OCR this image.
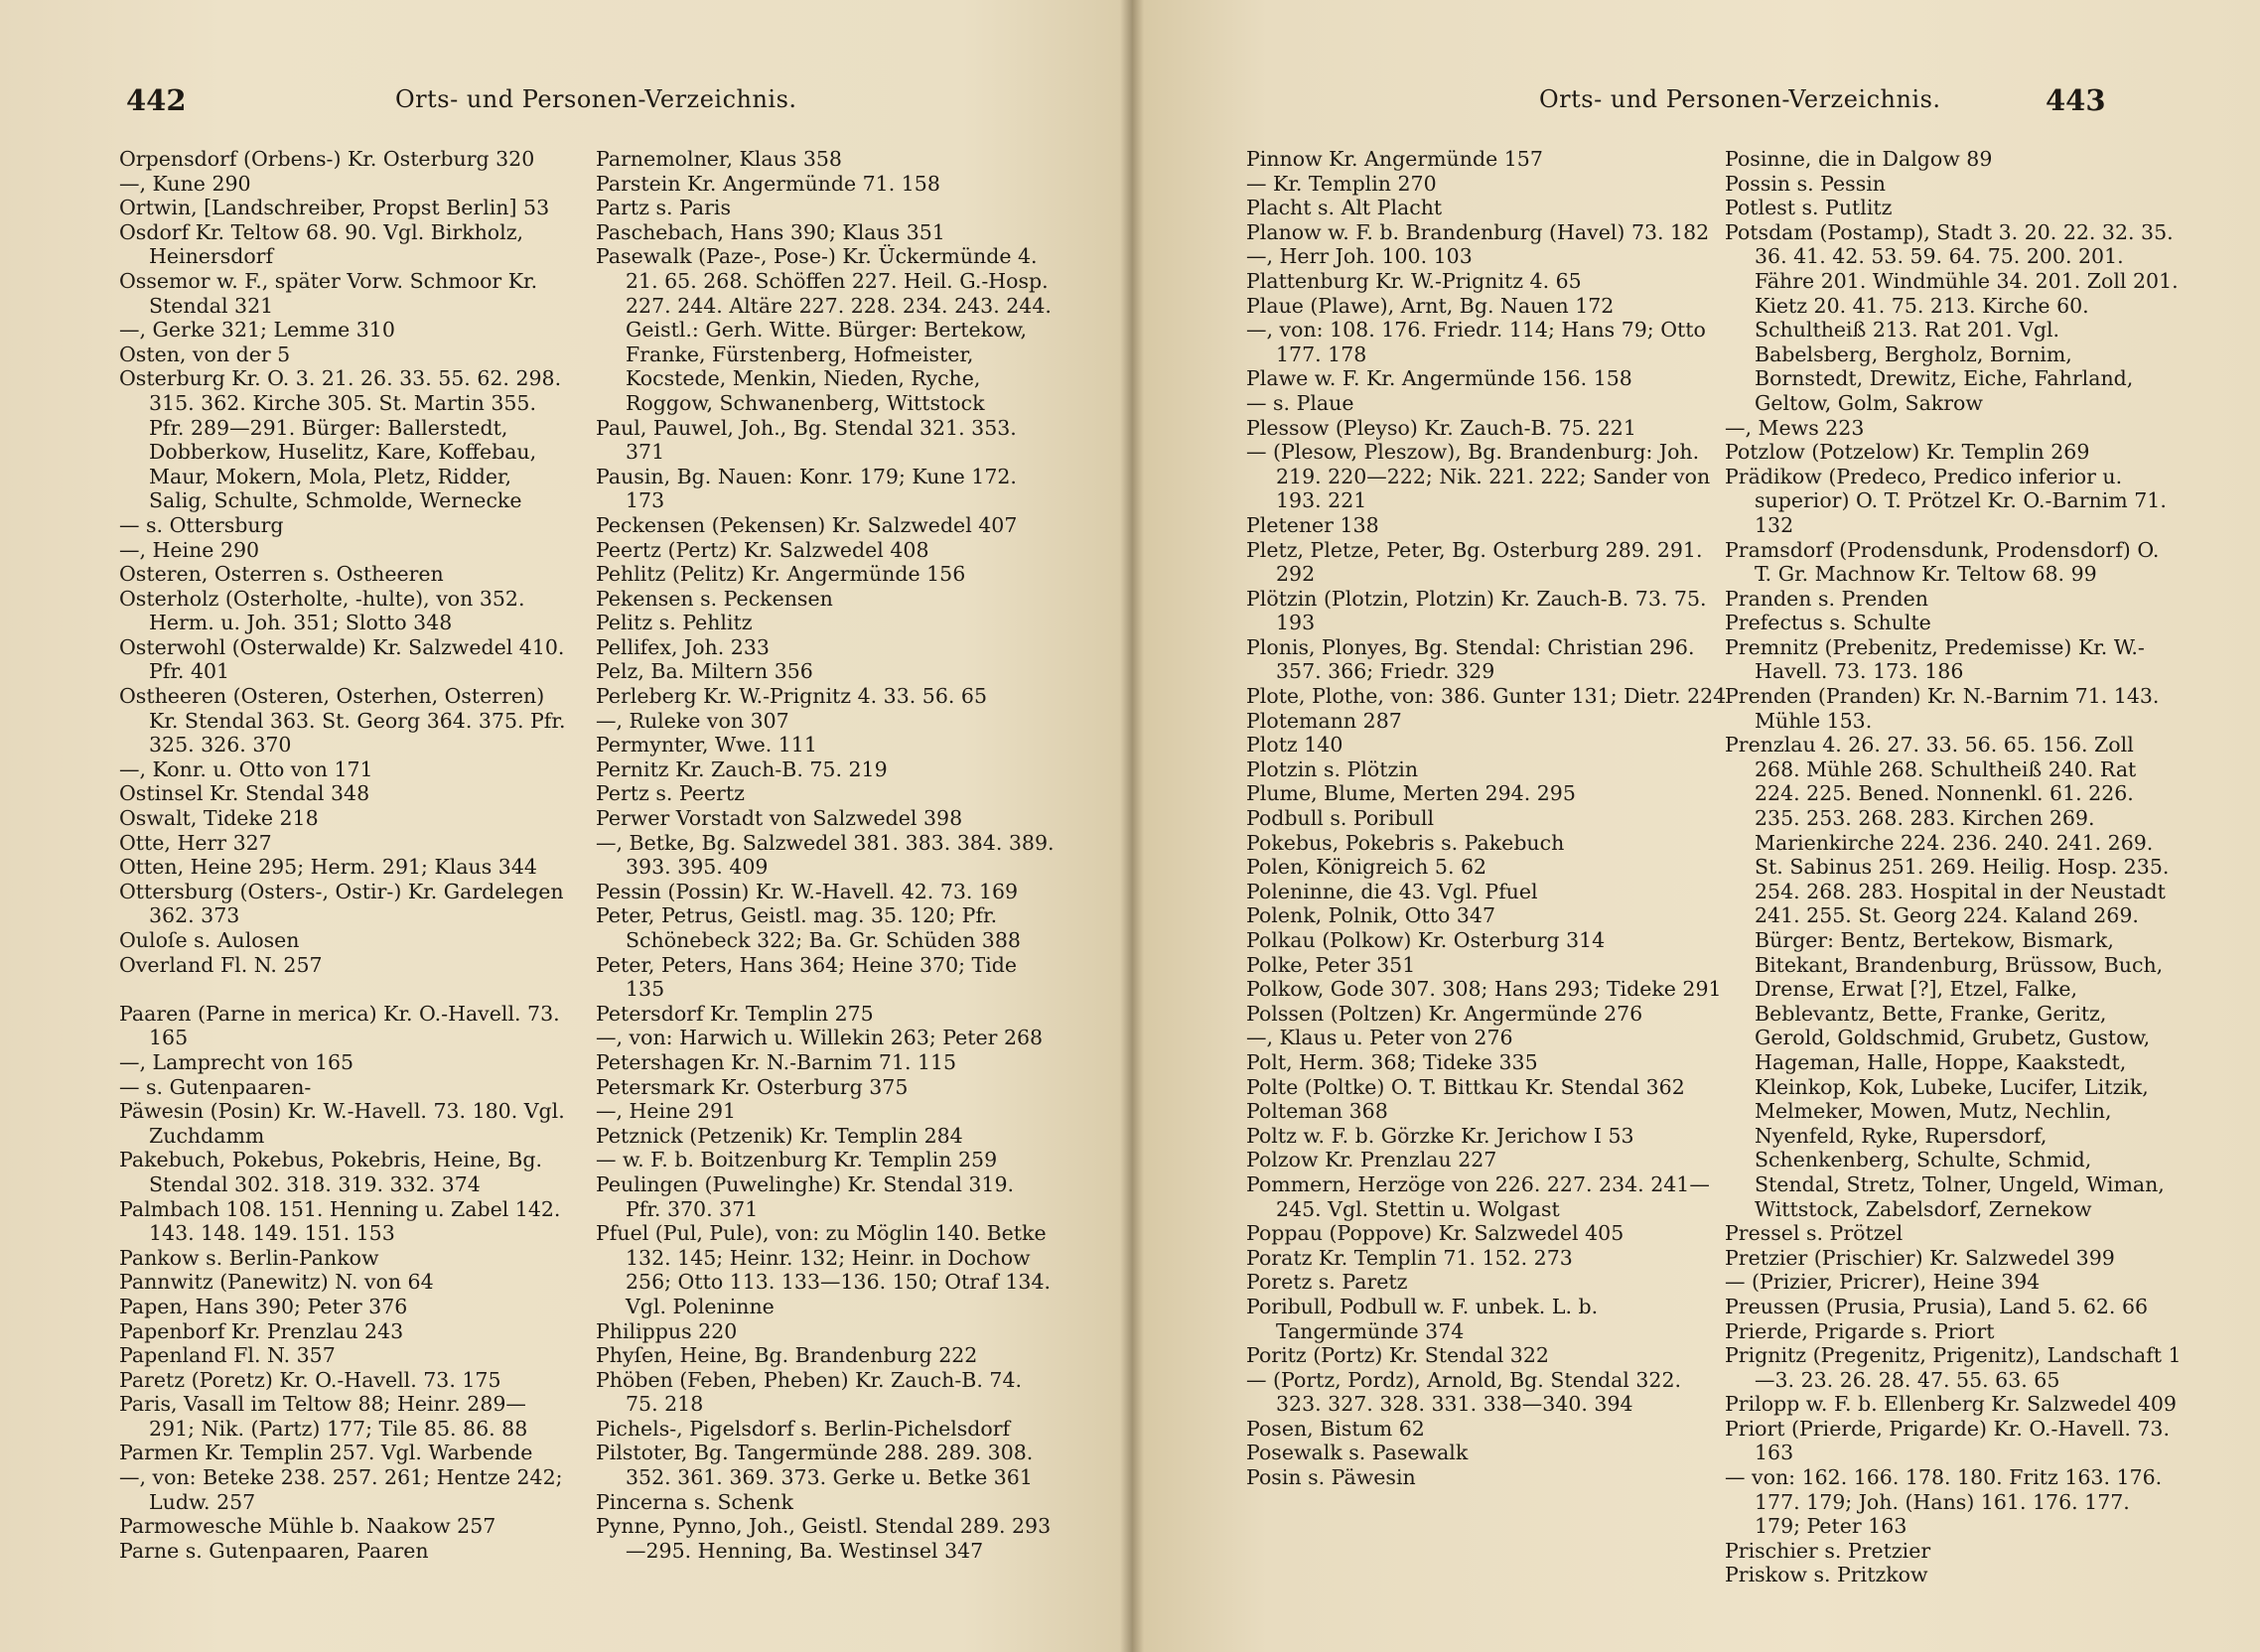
442	Orts- und Personen-Verzeichnis.
Orpensdorf (Orbens-) Kr. Osterburg 320
—, Kune 290
Ortwin, [Landschreiber, Propst Berlin] 53
Osdorf Kr. Teltow 68. 90. Vgl. Birkholz, Heinersdorf
Ossemor w. F., später Vorw. Schmoor Kr. Stendal 321
—, Gerke 321; Lemme 310
Osten, von der 5
Osterburg Kr. O. 3. 21. 26. 33. 55. 62. 298. 315. 362. Kirche 305. St. Martin 355. Pfr. 289—291. Bürger: Ballerstedt, Dobberkow, Huselitz, Kare, Koffebau, Maur, Mokern, Mola, Pletz, Ridder, Salig, Schulte, Schmolde, Wernecke
— s. Ottersburg
—, Heine 290
Osteren, Osterren s. Ostheeren
Osterholz (Osterholte, -hulte), von 352. Herm. u. Joh. 351; Slotto 348
Osterwohl (Osterwalde) Kr. Salzwedel 410. Pfr. 401
Ostheeren (Osteren, Osterhen, Osterren) Kr. Stendal 363. St. Georg 364. 375. Pfr. 325. 326. 370
—, Konr. u. Otto von 171
Ostinsel Kr. Stendal 348
Oswalt, Tideke 218
Otte, Herr 327
Otten, Heine 295; Herm. 291; Klaus 344
Ottersburg (Osters-, Ostir-) Kr. Gardelegen 362. 373
Ouloſe s. Aulosen
Overland Fl. N. 257
Paaren (Parne in merica) Kr. O.-Havell. 73. 165
—, Lamprecht von 165
— s. Gutenpaaren-
Päwesin (Posin) Kr. W.-Havell. 73. 180. Vgl. Zuchdamm
Pakebuch, Pokebus, Pokebris, Heine, Bg. Stendal 302. 318. 319. 332. 374
Palmbach 108. 151. Henning u. Zabel 142. 143. 148. 149. 151. 153
Pankow s. Berlin-Pankow
Pannwitz (Panewitz) N. von 64
Papen, Hans 390; Peter 376
Papenborf Kr. Prenzlau 243
Papenland Fl. N. 357
Paretz (Poretz) Kr. O.-Havell. 73. 175
Paris, Vasall im Teltow 88; Heinr. 289—291; Nik. (Partz) 177; Tile 85. 86. 88
Parmen Kr. Templin 257. Vgl. Warbende
—, von: Beteke 238. 257. 261; Hentze 242; Ludw. 257
Parmowesche Mühle b. Naakow 257
Parne s. Gutenpaaren, Paaren
Parnemolner, Klaus 358
Parstein Kr. Angermünde 71. 158
Partz s. Paris
Paschebach, Hans 390; Klaus 351
Pasewalk (Paze-, Pose-) Kr. Ückermünde 4. 21. 65. 268. Schöffen 227. Heil. G.-Hosp. 227. 244. Altäre 227. 228. 234. 243. 244. Geistl.: Gerh. Witte. Bürger: Bertekow, Franke, Fürstenberg, Hofmeister, Kocstede, Menkin, Nieden, Ryche, Roggow, Schwanenberg, Wittstock
Paul, Pauwel, Joh., Bg. Stendal 321. 353. 371
Pausin, Bg. Nauen: Konr. 179; Kune 172. 173
Peckensen (Pekensen) Kr. Salzwedel 407
Peertz (Pertz) Kr. Salzwedel 408
Pehlitz (Pelitz) Kr. Angermünde 156
Pekensen s. Peckensen
Pelitz s. Pehlitz
Pellifex, Joh. 233
Pelz, Ba. Miltern 356
Perleberg Kr. W.-Prignitz 4. 33. 56. 65
—, Ruleke von 307
Permynter, Wwe. 111
Pernitz Kr. Zauch-B. 75. 219
Pertz s. Peertz
Perwer Vorstadt von Salzwedel 398
—, Betke, Bg. Salzwedel 381. 383. 384. 389. 393. 395. 409
Pessin (Possin) Kr. W.-Havell. 42. 73. 169
Peter, Petrus, Geistl. mag. 35. 120; Pfr. Schönebeck 322; Ba. Gr. Schüden 388
Peter, Peters, Hans 364; Heine 370; Tide 135
Petersdorf Kr. Templin 275
—, von: Harwich u. Willekin 263; Peter 268
Petershagen Kr. N.-Barnim 71. 115
Petersmark Kr. Osterburg 375
—, Heine 291
Petznick (Petzenik) Kr. Templin 284
— w. F. b. Boitzenburg Kr. Templin 259
Peulingen (Puwelinghe) Kr. Stendal 319. Pfr. 370. 371
Pfuel (Pul, Pule), von: zu Möglin 140. Betke 132. 145; Heinr. 132; Heinr. in Dochow 256; Otto 113. 133—136. 150; Otraf 134. Vgl. Poleninne
Philippus 220
Phyſen, Heine, Bg. Brandenburg 222
Phöben (Feben, Pheben) Kr. Zauch-B. 74. 75. 218
Pichels-, Pigelsdorf s. Berlin-Pichelsdorf
Pilstoter, Bg. Tangermünde 288. 289. 308. 352. 361. 369. 373. Gerke u. Betke 361
Pincerna s. Schenk
Pynne, Pynno, Joh., Geistl. Stendal 289. 293—295. Henning, Ba. Westinsel 347
Orts- und Personen-Verzeichnis.	443
Pinnow Kr. Angermünde 157
— Kr. Templin 270
Placht s. Alt Placht
Planow w. F. b. Brandenburg (Havel) 73. 182
—, Herr Joh. 100. 103
Plattenburg Kr. W.-Prignitz 4. 65
Plaue (Plawe), Arnt, Bg. Nauen 172
—, von: 108. 176. Friedr. 114; Hans 79; Otto 177. 178
Plawe w. F. Kr. Angermünde 156. 158
— s. Plaue
Plessow (Pleyso) Kr. Zauch-B. 75. 221
— (Plesow, Pleszow), Bg. Brandenburg: Joh. 219. 220—222; Nik. 221. 222; Sander von 193. 221
Pletener 138
Pletz, Pletze, Peter, Bg. Osterburg 289. 291. 292
Plötzin (Plotzin, Plotzin) Kr. Zauch-B. 73. 75. 193
Plonis, Plonyes, Bg. Stendal: Christian 296. 357. 366; Friedr. 329
Plote, Plothe, von: 386. Gunter 131; Dietr. 224
Plotemann 287
Plotz 140
Plotzin s. Plötzin
Plume, Blume, Merten 294. 295
Podbull s. Poribull
Pokebus, Pokebris s. Pakebuch
Polen, Königreich 5. 62
Poleninne, die 43. Vgl. Pfuel
Polenk, Polnik, Otto 347
Polkau (Polkow) Kr. Osterburg 314
Polke, Peter 351
Polkow, Gode 307. 308; Hans 293; Tideke 291
Polssen (Poltzen) Kr. Angermünde 276
—, Klaus u. Peter von 276
Polt, Herm. 368; Tideke 335
Polte (Poltke) O. T. Bittkau Kr. Stendal 362
Polteman 368
Poltz w. F. b. Görzke Kr. Jerichow I 53
Polzow Kr. Prenzlau 227
Pommern, Herzöge von 226. 227. 234. 241—245. Vgl. Stettin u. Wolgast
Poppau (Poppove) Kr. Salzwedel 405
Poratz Kr. Templin 71. 152. 273
Poretz s. Paretz
Poribull, Podbull w. F. unbek. L. b. Tangermünde 374
Poritz (Portz) Kr. Stendal 322
— (Portz, Pordz), Arnold, Bg. Stendal 322. 323. 327. 328. 331. 338—340. 394
Posen, Bistum 62
Posewalk s. Pasewalk
Posin s. Päwesin
Posinne, die in Dalgow 89
Possin s. Pessin
Potlest s. Putlitz
Potsdam (Postamp), Stadt 3. 20. 22. 32. 35. 36. 41. 42. 53. 59. 64. 75. 200. 201. Fähre 201. Windmühle 34. 201. Zoll 201. Kietz 20. 41. 75. 213. Kirche 60. Schultheiß 213. Rat 201. Vgl. Babelsberg, Bergholz, Bornim, Bornstedt, Drewitz, Eiche, Fahrland, Geltow, Golm, Sakrow
—, Mews 223
Potzlow (Potzelow) Kr. Templin 269
Prädikow (Predeco, Predico inferior u. superior) O. T. Prötzel Kr. O.-Barnim 71. 132
Pramsdorf (Prodensdunk, Prodensdorf) O. T. Gr. Machnow Kr. Teltow 68. 99
Pranden s. Prenden
Prefectus s. Schulte
Premnitz (Prebenitz, Predemisse) Kr. W.-Havell. 73. 173. 186
Prenden (Pranden) Kr. N.-Barnim 71. 143. Mühle 153.
Prenzlau 4. 26. 27. 33. 56. 65. 156. Zoll 268. Mühle 268. Schultheiß 240. Rat 224. 225. Bened. Nonnenkl. 61. 226. 235. 253. 268. 283. Kirchen 269. Marienkirche 224. 236. 240. 241. 269. St. Sabinus 251. 269. Heilig. Hosp. 235. 254. 268. 283. Hospital in der Neustadt 241. 255. St. Georg 224. Kaland 269. Bürger: Bentz, Bertekow, Bismark, Bitekant, Brandenburg, Brüssow, Buch, Drense, Erwat [?], Etzel, Falke, Beblevantz, Bette, Franke, Geritz, Gerold, Goldschmid, Grubetz, Gustow, Hageman, Halle, Hoppe, Kaakstedt, Kleinkop, Kok, Lubeke, Lucifer, Litzik, Melmeker, Mowen, Mutz, Nechlin, Nyenfeld, Ryke, Rupersdorf, Schenkenberg, Schulte, Schmid, Stendal, Stretz, Tolner, Ungeld, Wiman, Wittstock, Zabelsdorf, Zernekow
Pressel s. Prötzel
Pretzier (Prischier) Kr. Salzwedel 399
— (Prizier, Pricrer), Heine 394
Preussen (Prusia, Prusia), Land 5. 62. 66
Prierde, Prigarde s. Priort
Prignitz (Pregenitz, Prigenitz), Landschaft 1—3. 23. 26. 28. 47. 55. 63. 65
Prilopp w. F. b. Ellenberg Kr. Salzwedel 409
Priort (Prierde, Prigarde) Kr. O.-Havell. 73. 163
— von: 162. 166. 178. 180. Fritz 163. 176. 177. 179; Joh. (Hans) 161. 176. 177. 179; Peter 163
Prischier s. Pretzier
Priskow s. Pritzkow
